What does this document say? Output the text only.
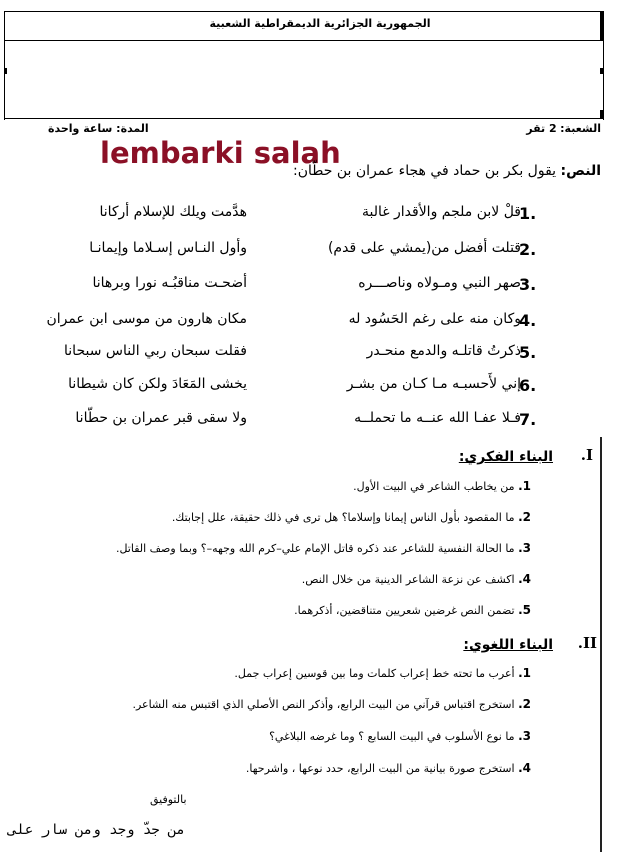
الجمهورية الجزائرية الديمقراطية الشعبية
الشعبة: 2 تقر
المدة: ساعة واحدة
lembarki salah
النص: يقول بكر بن حماد في هجاء عمران بن حطّان:
1.
قلْ لابن ملجم والأقدار غالبة
هدَّمت ويلك للإسلام أركانا
2.
قتلت أفضل من(يمشي على قدم)
وأول النـاس إسـلاما وإيمانـا
3.
صهر النبي ومـولاه وناصـــره
أضحـت مناقبُـه نورا وبرهانا
4.
وكان منه على رغم الحَسُود له
مكان هارون من موسى ابن عمران
5.
ذكرتُ قاتلـه والدمع منحـدر
فقلت سبحان ربي الناس سبحانا
6.
إني لأَحسبـه مـا كـان من بشـر
يخشى المَعَادَ ولكن كان شيطانا
7.
فـلا عفـا الله عنــه ما تحملــه
ولا سقى قبر عمران بن حطّانا
I.
البناء الفكري:
1. من يخاطب الشاعر في البيت الأول.
2. ما المقصود بأول الناس إيمانا وإسلاما؟ هل ترى في ذلك حقيقة، علل إجابتك.
3. ما الحالة النفسية للشاعر عند ذكره قاتل الإمام علي–كرم الله وجهه–؟ وبما وصف القاتل.
4. اكشف عن نزعة الشاعر الدينية من خلال النص.
5. تضمن النص غرضين شعريين متناقضين، أذكرهما.
II.
البناء اللغوي:
1. أعرب ما تحته خط إعراب كلمات وما بين قوسين إعراب جمل.
2. استخرج اقتباس قرآني من البيت الرابع، وأذكر النص الأصلي الذي اقتبس منه الشاعر.
3. ما نوع الأسلوب في البيت السابع ؟ وما غرضه البلاغي؟
4. استخرج صورة بيانية من البيت الرابع، حدد نوعها ، واشرحها.
بالتوفيق
من جدّ وجد ومن سار على
